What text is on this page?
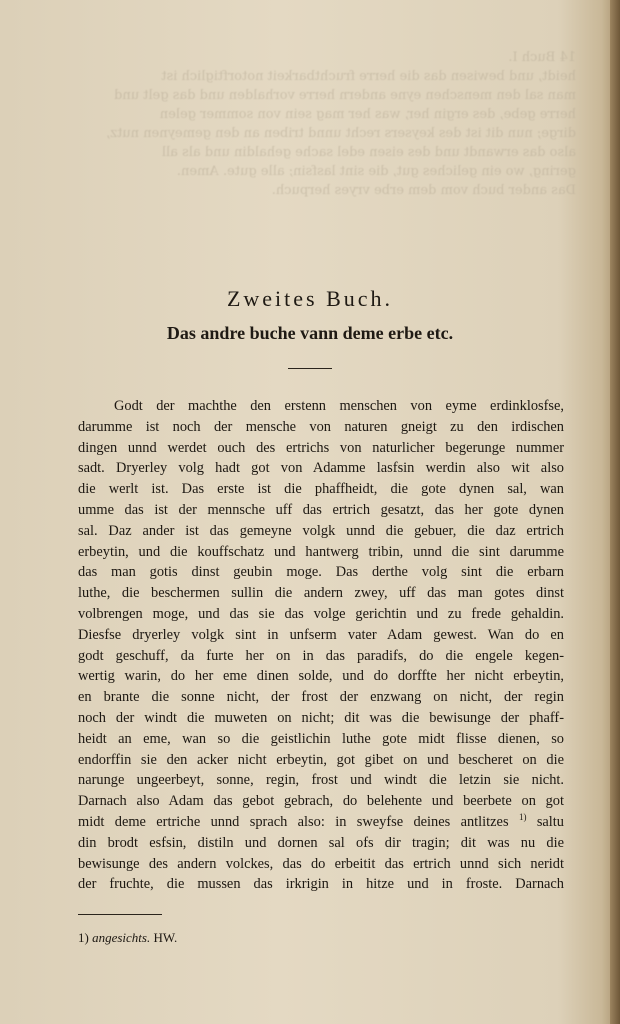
14 Buch I.
heidt, und bewisen das die herre fruchtbarkeit notorftiglich ist
man sal den menschen eyne andern herre vorhalden und das gelt und
herre gebe, des ergin her, was her mag sein von sommer gelen
dirge; nun dit ist des keysers recht unnd triben an den gemeynen nutz,
also das erwandt und des eisen edel sache gehaldin und als all
gering, wo ein geliches gut, die sint lasfsin; alle gute. Amen.
Das ander buch vom dem erbe vryes herpuch.
Zweites Buch.
Das andre buche vann deme erbe etc.
Godt der machthe den erstenn menschen von eyme erdinklosfse,
darumme ist noch der mensche von naturen gneigt zu den irdischen
dingen unnd werdet ouch des ertrichs von naturlicher begerunge nummer
sadt. Dryerley volg hadt got von Adamme lasfsin werdin also wit also
die werlt ist. Das erste ist die phaffheidt, die gote dynen sal, wan
umme das ist der mennsche uff das ertrich gesatzt, das her gote dynen
sal. Daz ander ist das gemeyne volgk unnd die gebuer, die daz ertrich
erbeytin, und die kouffschatz und hantwerg tribin, unnd die sint darumme
das man gotis dinst geubin moge. Das derthe volg sint die erbarn
luthe, die beschermen sullin die andern zwey, uff das man gotes dinst
volbrengen moge, und das sie das volge gerichtin und zu frede gehaldin.
Diesfse dryerley volgk sint in unfserm vater Adam gewest. Wan do en
godt geschuff, da furte her on in das paradifs, do die engele kegen-
wertig warin, do her eme dinen solde, und do dorffte her nicht erbeytin,
en brante die sonne nicht, der frost der enzwang on nicht, der regin
noch der windt die muweten on nicht; dit was die bewisunge der phaff-
heidt an eme, wan so die geistlichin luthe gote midt flisse dienen, so
endorffin sie den acker nicht erbeytin, got gibet on und bescheret on die
narunge ungeerbeyt, sonne, regin, frost und windt die letzin sie nicht.
Darnach also Adam das gebot gebrach, do belehente und beerbete on got
midt deme ertriche unnd sprach also: in sweyfse deines antlitzes $^{1)}$ saltu
din brodt esfsin, distiln und dornen sal ofs dir tragin; dit was nu die
bewisunge des andern volckes, das do erbeitit das ertrich unnd sich neridt
der fruchte, die mussen das irkrigin in hitze und in froste. Darnach
1) angesichts. HW.
